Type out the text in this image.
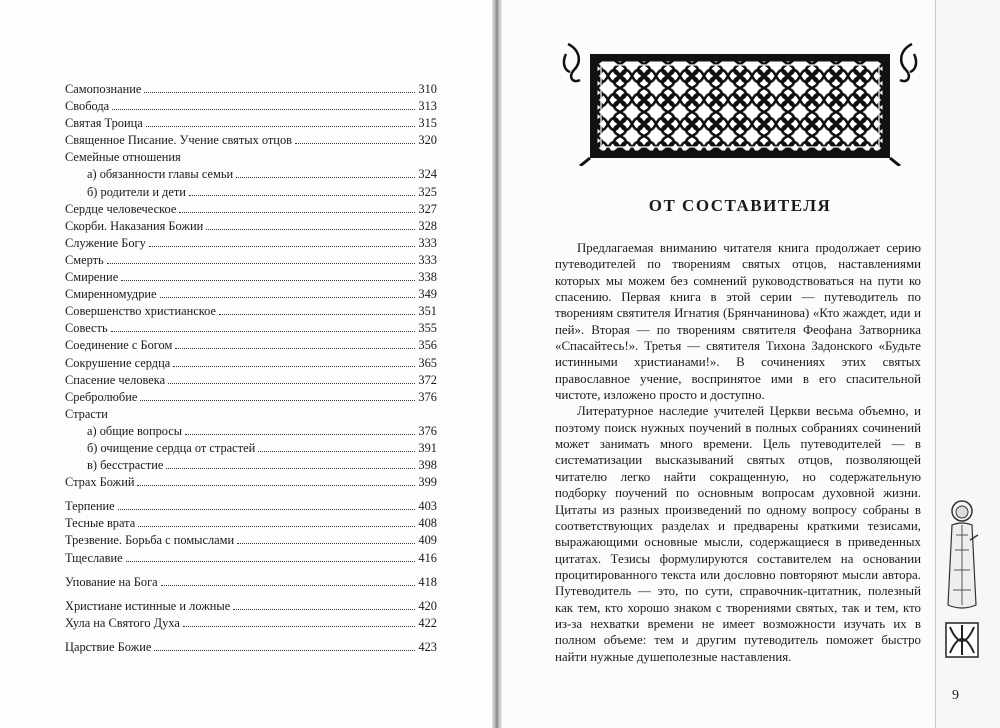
Самопознание	310
Свобода	313
Святая Троица	315
Священное Писание. Учение святых отцов	320
Семейные отношения
а) обязанности главы семьи	324
б) родители и дети	325
Сердце человеческое	327
Скорби. Наказания Божии	328
Служение Богу	333
Смерть	333
Смирение	338
Смиренномудрие	349
Совершенство христианское	351
Совесть	355
Соединение с Богом	356
Сокрушение сердца	365
Спасение человека	372
Сребролюбие	376
Страсти
а) общие вопросы	376
б) очищение сердца от страстей	391
в) бесстрастие	398
Страх Божий	399
Терпение	403
Тесные врата	408
Трезвение. Борьба с помыслами	409
Тщеславие	416
Упование на Бога	418
Христиане истинные и ложные	420
Хула на Святого Духа	422
Царствие Божие	423
ОТ СОСТАВИТЕЛЯ

Предлагаемая вниманию читателя книга продолжает серию путеводителей по творениям святых отцов, наставлениями которых мы можем без сомнений руководствоваться на пути ко спасению. Первая книга в этой серии — путеводитель по творениям святителя Игнатия (Брянчанинова) «Кто жаждет, иди и пей». Вторая — по творениям святителя Феофана Затворника «Спасайтесь!». Третья — святителя Тихона Задонского «Будьте истинными христианами!». В сочинениях этих святых православное учение, воспринятое ими в его спасительной чистоте, изложено просто и доступно.

Литературное наследие учителей Церкви весьма объемно, и поэтому поиск нужных поучений в полных собраниях сочинений может занимать много времени. Цель путеводителей — в систематизации высказываний святых отцов, позволяющей читателю легко найти сокращенную, но содержательную подборку поучений по основным вопросам духовной жизни. Цитаты из разных произведений по одному вопросу собраны в соответствующих разделах и предварены краткими тезисами, выражающими основные мысли, содержащиеся в приведенных цитатах. Тезисы формулируются составителем на основании процитированного текста или дословно повторяют мысли автора. Путеводитель — это, по сути, справочник-цитатник, полезный как тем, кто хорошо знаком с творениями святых, так и тем, кто из-за нехватки времени не имеет возможности изучать их в полном объеме: тем и другим путеводитель поможет быстро найти нужные душеполезные наставления.

9
